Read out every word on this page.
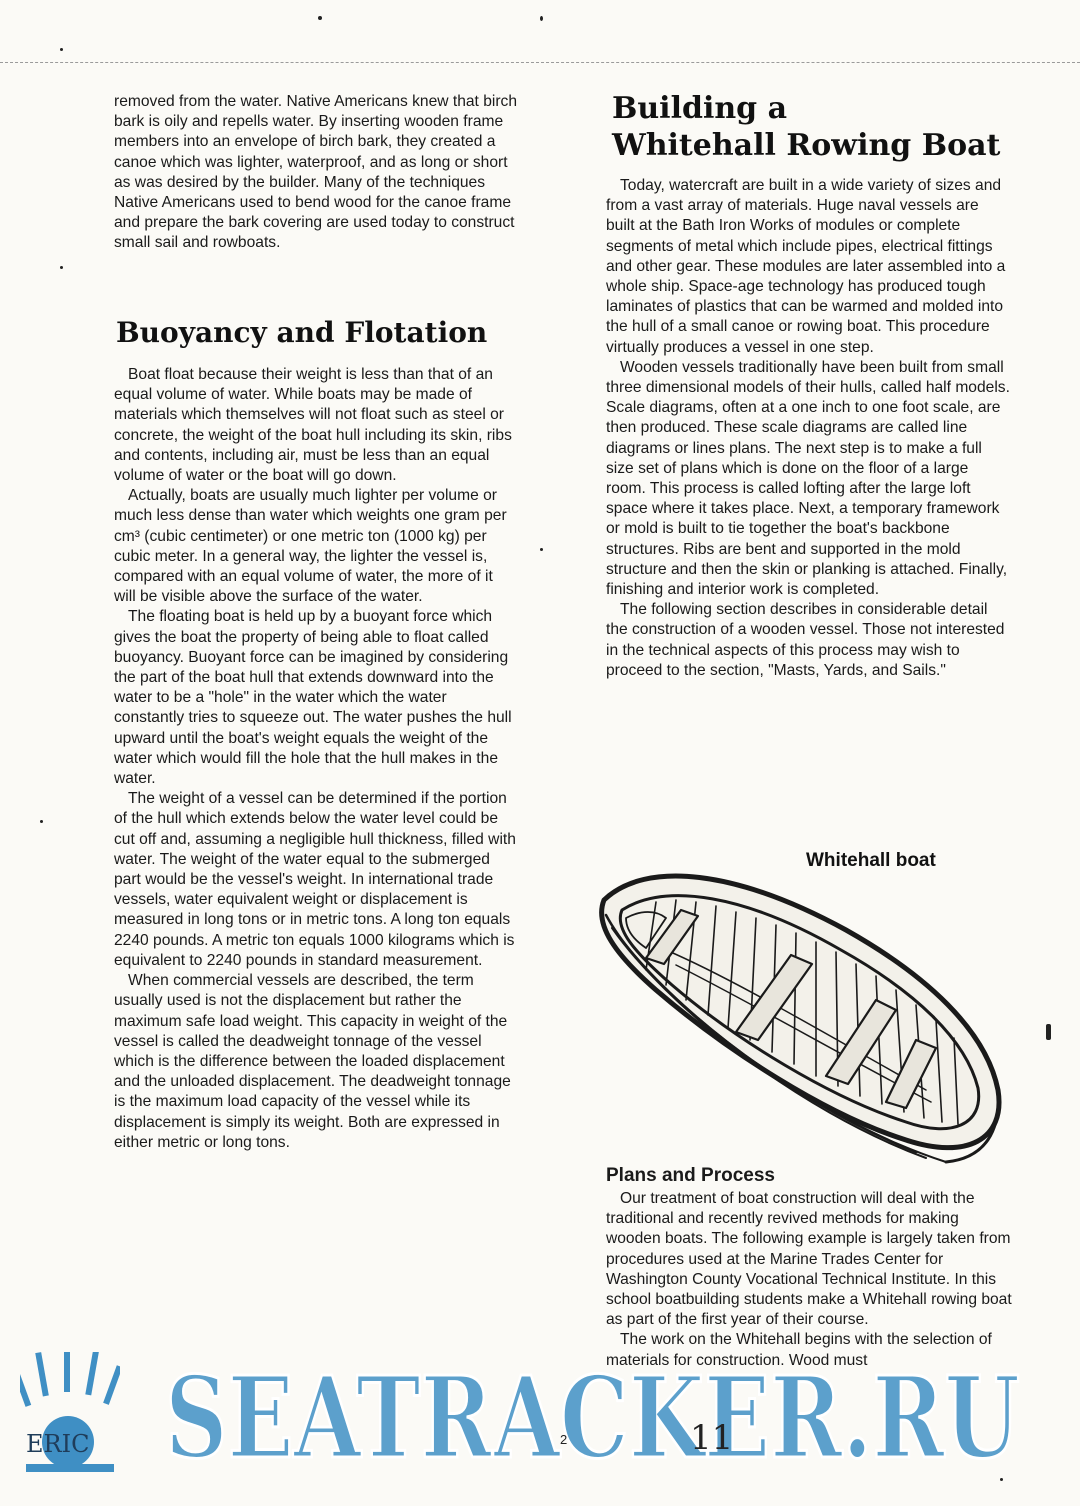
removed from the water. Native Americans knew that birch bark is oily and repells water. By inserting wooden frame members into an envelope of birch bark, they created a canoe which was lighter, waterproof, and as long or short as was desired by the builder. Many of the techniques Native Americans used to bend wood for the canoe frame and prepare the bark covering are used today to construct small sail and rowboats.

Buoyancy and Flotation

Boat float because their weight is less than that of an equal volume of water. While boats may be made of materials which themselves will not float such as steel or concrete, the weight of the boat hull including its skin, ribs and contents, including air, must be less than an equal volume of water or the boat will go down.

Actually, boats are usually much lighter per volume or much less dense than water which weights one gram per cm³ (cubic centimeter) or one metric ton (1000 kg) per cubic meter. In a general way, the lighter the vessel is, compared with an equal volume of water, the more of it will be visible above the surface of the water.

The floating boat is held up by a buoyant force which gives the boat the property of being able to float called buoyancy. Buoyant force can be imagined by considering the part of the boat hull that extends downward into the water to be a "hole" in the water which the water constantly tries to squeeze out. The water pushes the hull upward until the boat's weight equals the weight of the water which would fill the hole that the hull makes in the water.

The weight of a vessel can be determined if the portion of the hull which extends below the water level could be cut off and, assuming a negligible hull thickness, filled with water. The weight of the water equal to the submerged part would be the vessel's weight. In international trade vessels, water equivalent weight or displacement is measured in long tons or in metric tons. A long ton equals 2240 pounds. A metric ton equals 1000 kilograms which is equivalent to 2240 pounds in standard measurement.

When commercial vessels are described, the term usually used is not the displacement but rather the maximum safe load weight. This capacity in weight of the vessel is called the deadweight tonnage of the vessel which is the difference between the loaded displacement and the unloaded displacement. The deadweight tonnage is the maximum load capacity of the vessel while its displacement is simply its weight. Both are expressed in either metric or long tons.

Building a
Whitehall Rowing Boat

Today, watercraft are built in a wide variety of sizes and from a vast array of materials. Huge naval vessels are built at the Bath Iron Works of modules or complete segments of metal which include pipes, electrical fittings and other gear. These modules are later assembled into a whole ship. Space-age technology has produced tough laminates of plastics that can be warmed and molded into the hull of a small canoe or rowing boat. This procedure virtually produces a vessel in one step.

Wooden vessels traditionally have been built from small three dimensional models of their hulls, called half models. Scale diagrams, often at a one inch to one foot scale, are then produced. These scale diagrams are called line diagrams or lines plans. The next step is to make a full size set of plans which is done on the floor of a large room. This process is called lofting after the large loft space where it takes place. Next, a temporary framework or mold is built to tie together the boat's backbone structures. Ribs are bent and supported in the mold structure and then the skin or planking is attached. Finally, finishing and interior work is completed.

The following section describes in considerable detail the construction of a wooden vessel. Those not interested in the technical aspects of this process may wish to proceed to the section, "Masts, Yards, and Sails."

Whitehall boat
Plans and Process

Our treatment of boat construction will deal with the traditional and recently revived methods for making wooden boats. The following example is largely taken from procedures used at the Marine Trades Center for Washington County Vocational Technical Institute. In this school boatbuilding students make a Whitehall rowing boat as part of the first year of their course.

The work on the Whitehall begins with the selection of materials for construction. Wood must

ERIC SEATRACKER.RU
2	11
